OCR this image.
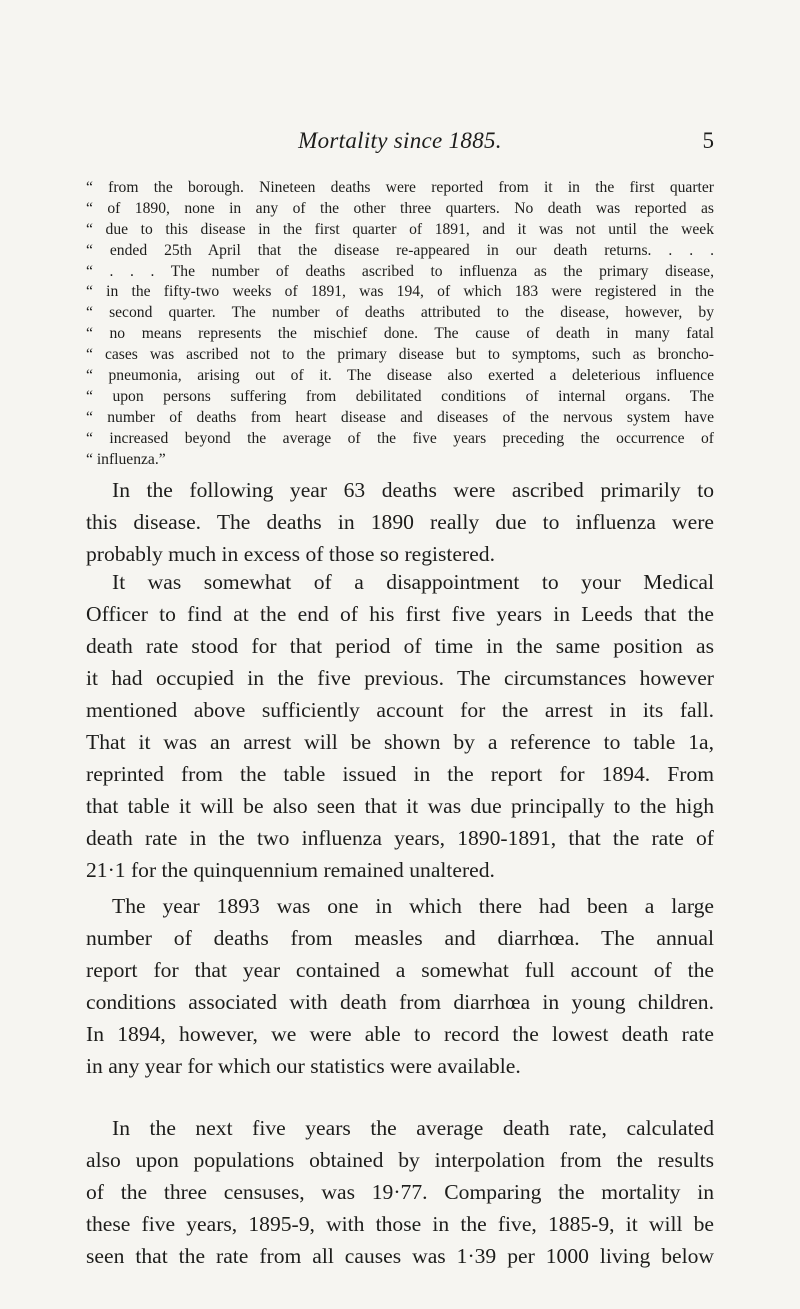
Mortality since 1885.	5
“ from the borough. Nineteen deaths were reported from it in the first quarter
“ of 1890, none in any of the other three quarters. No death was reported as
“ due to this disease in the first quarter of 1891, and it was not until the week
“ ended 25th April that the disease re-appeared in our death returns. . . .
“ . . . The number of deaths ascribed to influenza as the primary disease,
“ in the fifty-two weeks of 1891, was 194, of which 183 were registered in the
“ second quarter. The number of deaths attributed to the disease, however, by
“ no means represents the mischief done. The cause of death in many fatal
“ cases was ascribed not to the primary disease but to symptoms, such as broncho-
“ pneumonia, arising out of it. The disease also exerted a deleterious influence
“ upon persons suffering from debilitated conditions of internal organs. The
“ number of deaths from heart disease and diseases of the nervous system have
“ increased beyond the average of the five years preceding the occurrence of
“ influenza.”
In the following year 63 deaths were ascribed primarily to
this disease. The deaths in 1890 really due to influenza were
probably much in excess of those so registered.
It was somewhat of a disappointment to your Medical
Officer to find at the end of his first five years in Leeds that the
death rate stood for that period of time in the same position as
it had occupied in the five previous. The circumstances however
mentioned above sufficiently account for the arrest in its fall.
That it was an arrest will be shown by a reference to table 1a,
reprinted from the table issued in the report for 1894. From
that table it will be also seen that it was due principally to the high
death rate in the two influenza years, 1890-1891, that the rate of
21·1 for the quinquennium remained unaltered.
The year 1893 was one in which there had been a large
number of deaths from measles and diarrhœa. The annual
report for that year contained a somewhat full account of the
conditions associated with death from diarrhœa in young children.
In 1894, however, we were able to record the lowest death rate
in any year for which our statistics were available.
In the next five years the average death rate, calculated
also upon populations obtained by interpolation from the results
of the three censuses, was 19·77. Comparing the mortality in
these five years, 1895-9, with those in the five, 1885-9, it will be
seen that the rate from all causes was 1·39 per 1000 living below
